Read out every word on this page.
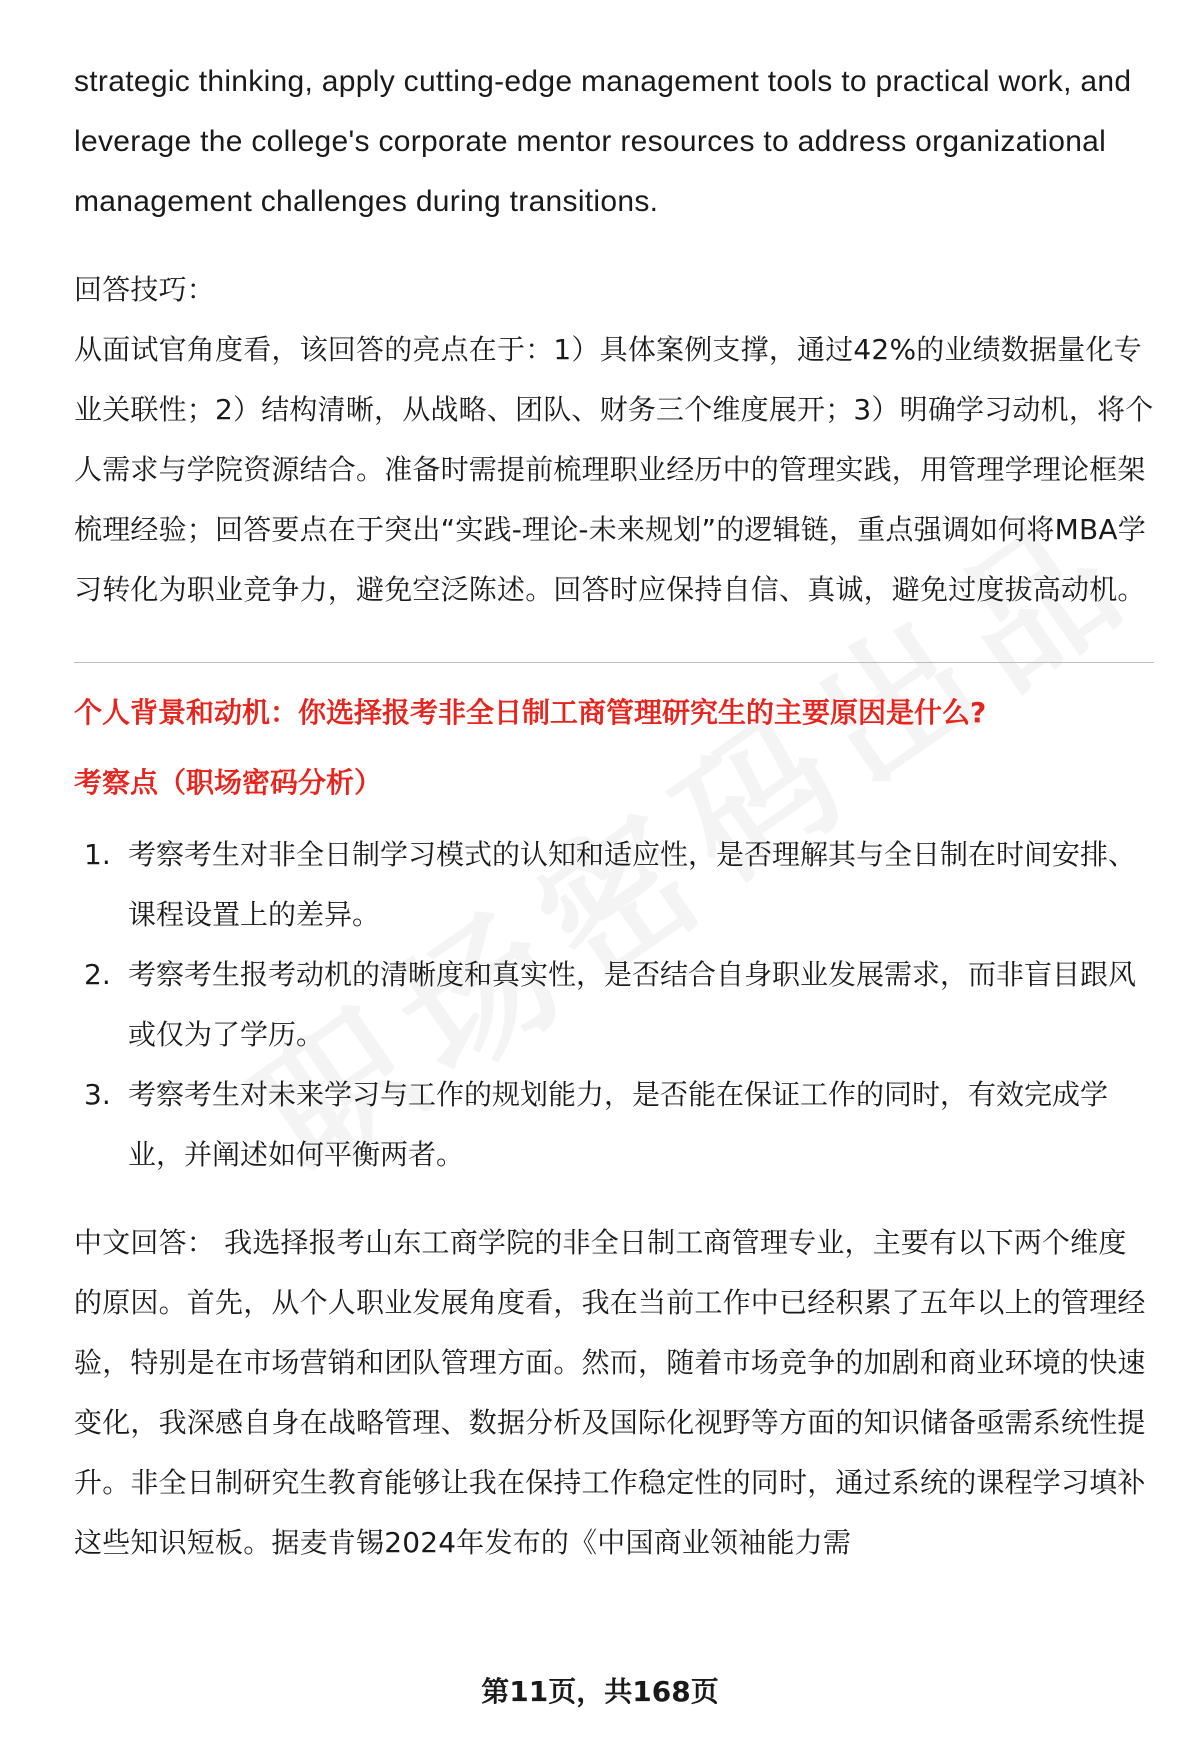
strategic thinking, apply cutting-edge management tools to practical work, and leverage the college's corporate mentor resources to address organizational management challenges during transitions.

回答技巧：

从面试官角度看，该回答的亮点在于：1）具体案例支撑，通过42%的业绩数据量化专业关联性；2）结构清晰，从战略、团队、财务三个维度展开；3）明确学习动机，将个人需求与学院资源结合。准备时需提前梳理职业经历中的管理实践，用管理学理论框架梳理经验；回答要点在于突出“实践-理论-未来规划”的逻辑链，重点强调如何将MBA学习转化为职业竞争力，避免空泛陈述。回答时应保持自信、真诚，避免过度拔高动机。

个人背景和动机：你选择报考非全日制工商管理研究生的主要原因是什么?

考察点（职场密码分析）

1. 考察考生对非全日制学习模式的认知和适应性，是否理解其与全日制在时间安排、课程设置上的差异。
2. 考察考生报考动机的清晰度和真实性，是否结合自身职业发展需求，而非盲目跟风或仅为了学历。
3. 考察考生对未来学习与工作的规划能力，是否能在保证工作的同时，有效完成学业，并阐述如何平衡两者。

中文回答： 我选择报考山东工商学院的非全日制工商管理专业，主要有以下两个维度的原因。首先，从个人职业发展角度看，我在当前工作中已经积累了五年以上的管理经验，特别是在市场营销和团队管理方面。然而，随着市场竞争的加剧和商业环境的快速变化，我深感自身在战略管理、数据分析及国际化视野等方面的知识储备亟需系统性提升。非全日制研究生教育能够让我在保持工作稳定性的同时，通过系统的课程学习填补这些知识短板。据麦肯锡2024年发布的《中国商业领袖能力需

第11页，共168页
